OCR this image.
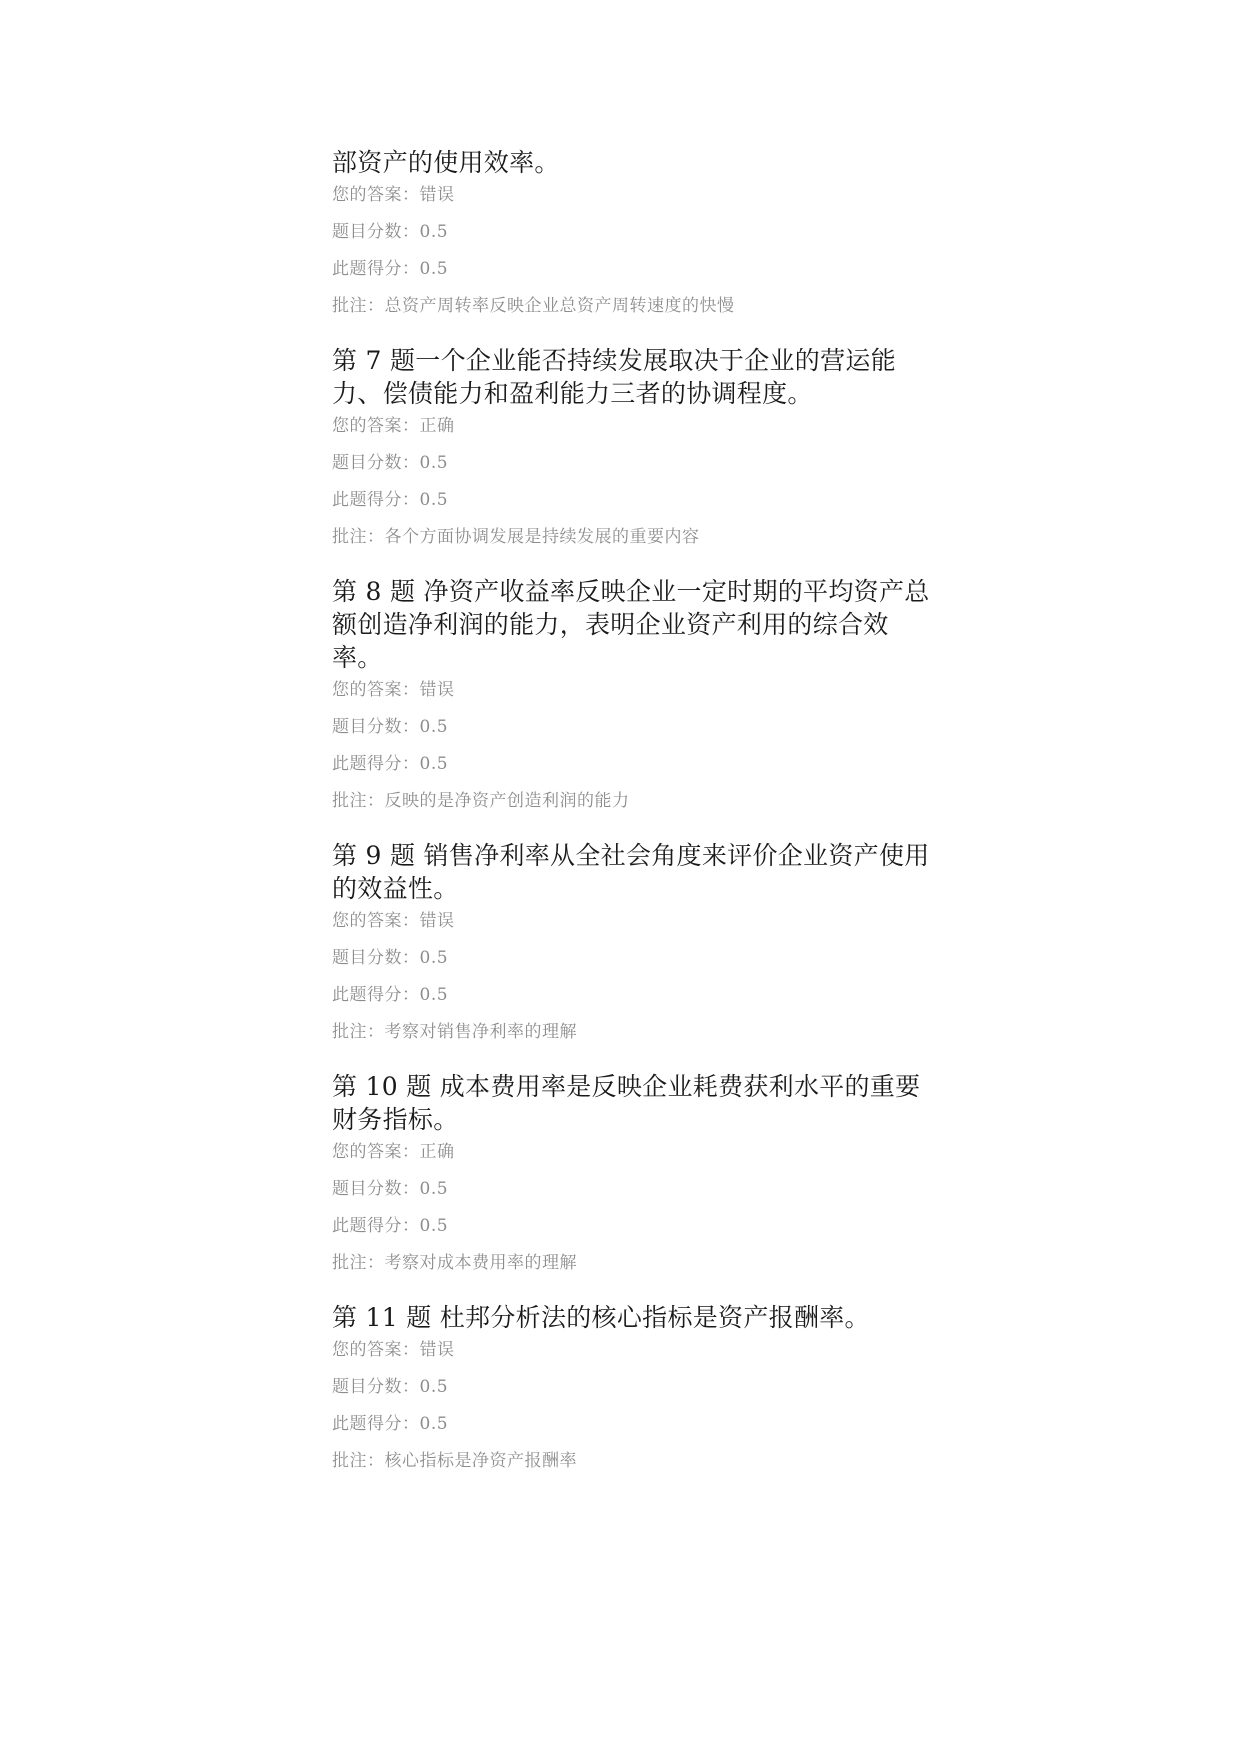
部资产的使用效率。
您的答案：错误
题目分数：0.5
此题得分：0.5
批注：总资产周转率反映企业总资产周转速度的快慢
第 7 题一个企业能否持续发展取决于企业的营运能力、偿债能力和盈利能力三者的协调程度。
您的答案：正确
题目分数：0.5
此题得分：0.5
批注：各个方面协调发展是持续发展的重要内容
第 8 题 净资产收益率反映企业一定时期的平均资产总额创造净利润的能力，表明企业资产利用的综合效率。
您的答案：错误
题目分数：0.5
此题得分：0.5
批注：反映的是净资产创造利润的能力
第 9 题 销售净利率从全社会角度来评价企业资产使用的效益性。
您的答案：错误
题目分数：0.5
此题得分：0.5
批注：考察对销售净利率的理解
第 10 题 成本费用率是反映企业耗费获利水平的重要财务指标。
您的答案：正确
题目分数：0.5
此题得分：0.5
批注：考察对成本费用率的理解
第 11 题 杜邦分析法的核心指标是资产报酬率。
您的答案：错误
题目分数：0.5
此题得分：0.5
批注：核心指标是净资产报酬率
